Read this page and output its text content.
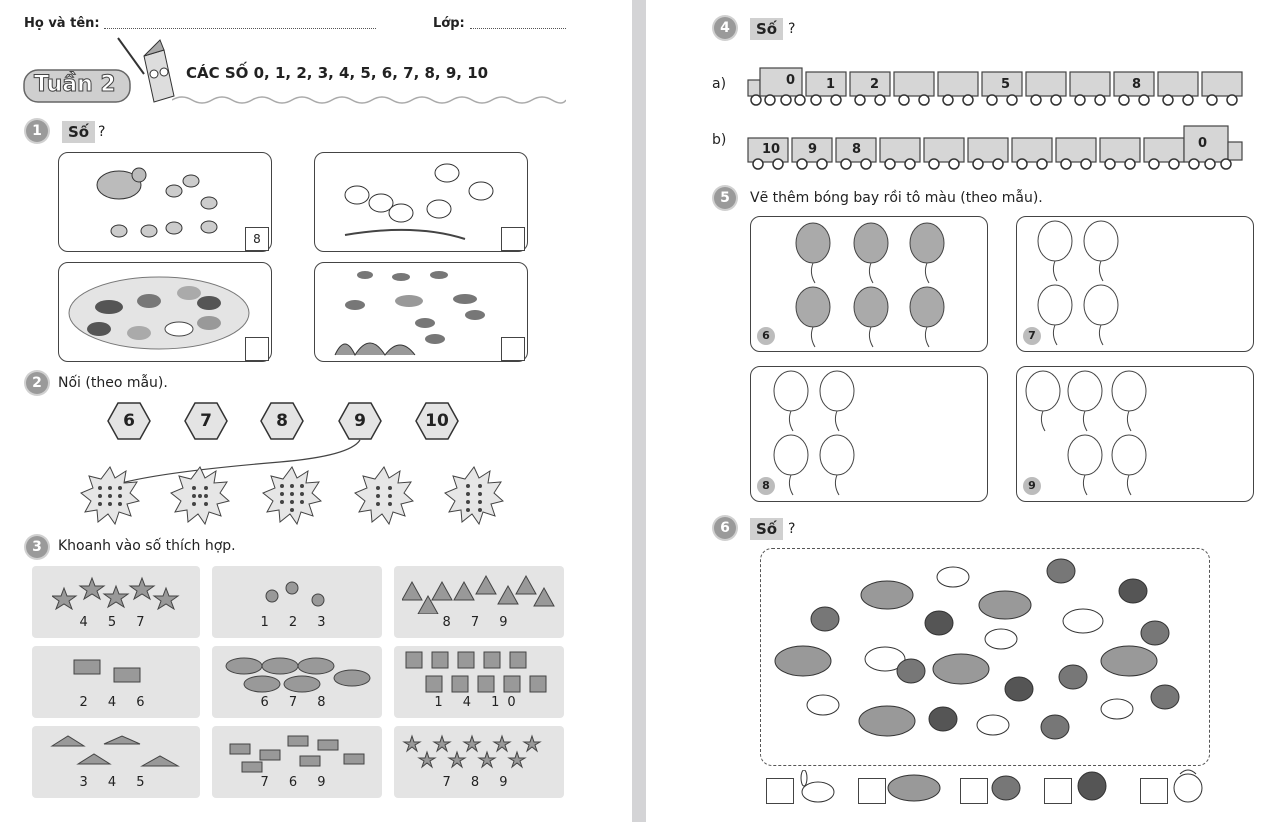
Họ và tên:	Lớp:
Tuần 2	CÁC SỐ 0, 1, 2, 3, 4, 5, 6, 7, 8, 9, 10
1	Số ?
8
2	Nối (theo mẫu).
6	7	8	9	10
3	Khoanh vào số thích hợp.
4 5 7	1 2 3	8 7 9
2 4 6	6 7 8	1 4 10
3 4 5	7 6 9	7 8 9
4	Số ?
a)	0 1	2	5	8
b)
10 9	8	0
5	Vẽ thêm bóng bay rồi tô màu (theo mẫu).
6	7
8	9
6	Số ?
